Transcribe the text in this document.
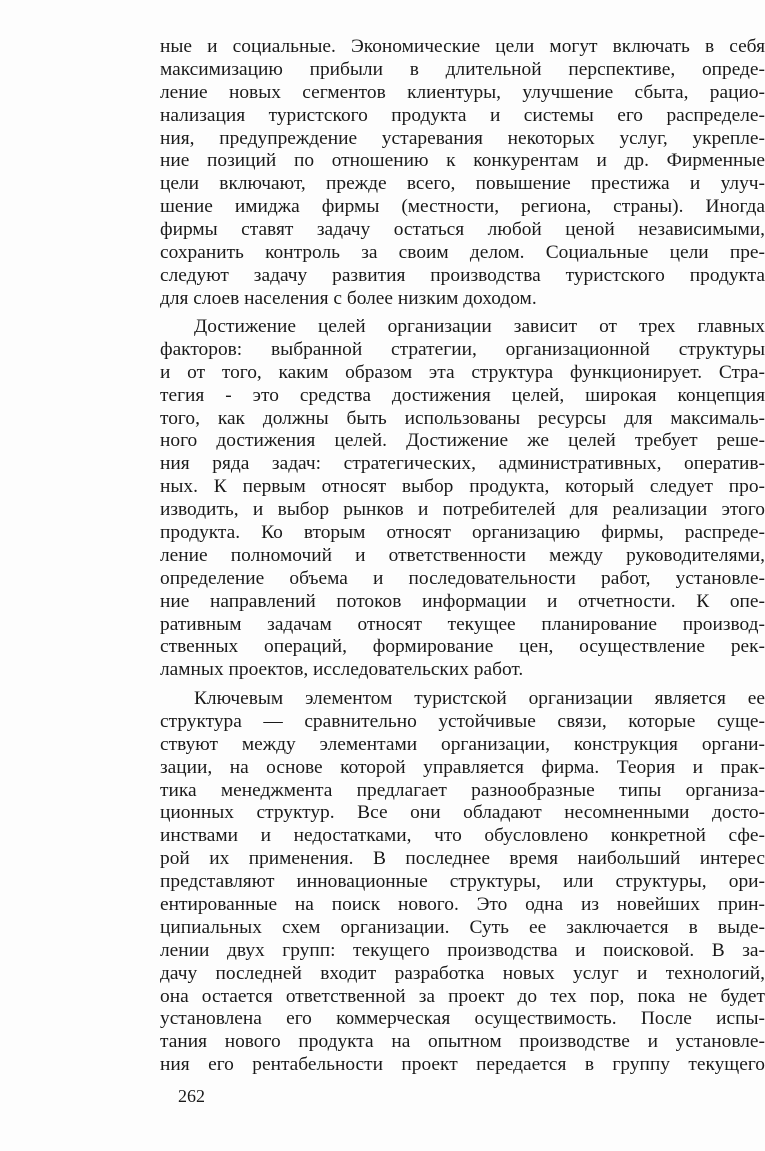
ные и социальные. Экономические цели могут включать в себя
максимизацию прибыли в длительной перспективе, опреде-
ление новых сегментов клиентуры, улучшение сбыта, рацио-
нализация туристского продукта и системы его распределе-
ния, предупреждение устаревания некоторых услуг, укрепле-
ние позиций по отношению к конкурентам и др. Фирменные
цели включают, прежде всего, повышение престижа и улуч-
шение имиджа фирмы (местности, региона, страны). Иногда
фирмы ставят задачу остаться любой ценой независимыми,
сохранить контроль за своим делом. Социальные цели пре-
следуют задачу развития производства туристского продукта
для слоев населения с более низким доходом.
Достижение целей организации зависит от трех главных
факторов: выбранной стратегии, организационной структуры
и от того, каким образом эта структура функционирует. Стра-
тегия - это средства достижения целей, широкая концепция
того, как должны быть использованы ресурсы для максималь-
ного достижения целей. Достижение же целей требует реше-
ния ряда задач: стратегических, административных, оператив-
ных. К первым относят выбор продукта, который следует про-
изводить, и выбор рынков и потребителей для реализации этого
продукта. Ко вторым относят организацию фирмы, распреде-
ление полномочий и ответственности между руководителями,
определение объема и последовательности работ, установле-
ние направлений потоков информации и отчетности. К опе-
ративным задачам относят текущее планирование производ-
ственных операций, формирование цен, осуществление рек-
ламных проектов, исследовательских работ.
Ключевым элементом туристской организации является ее
структура — сравнительно устойчивые связи, которые суще-
ствуют между элементами организации, конструкция органи-
зации, на основе которой управляется фирма. Теория и прак-
тика менеджмента предлагает разнообразные типы организа-
ционных структур. Все они обладают несомненными досто-
инствами и недостатками, что обусловлено конкретной сфе-
рой их применения. В последнее время наибольший интерес
представляют инновационные структуры, или структуры, ори-
ентированные на поиск нового. Это одна из новейших прин-
ципиальных схем организации. Суть ее заключается в выде-
лении двух групп: текущего производства и поисковой. В за-
дачу последней входит разработка новых услуг и технологий,
она остается ответственной за проект до тех пор, пока не будет
установлена его коммерческая осуществимость. После испы-
тания нового продукта на опытном производстве и установле-
ния его рентабельности проект передается в группу текущего
262
